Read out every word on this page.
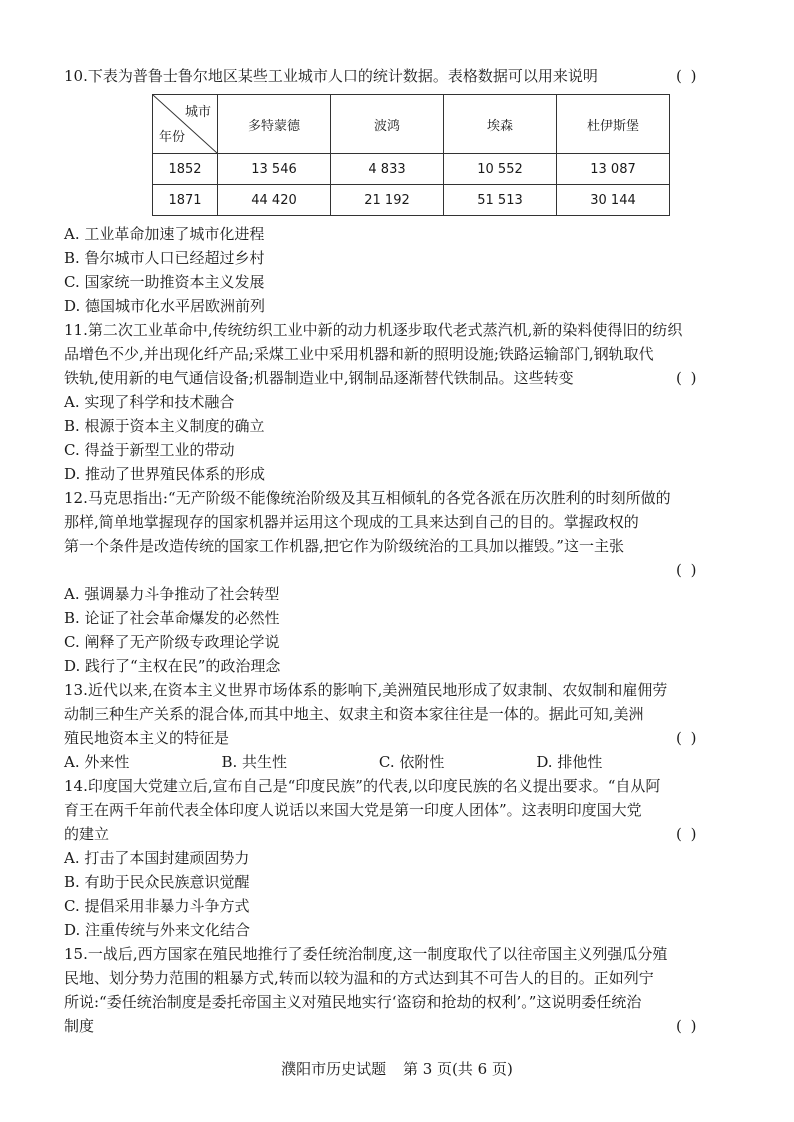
( )
10.下表为普鲁士鲁尔地区某些工业城市人口的统计数据。表格数据可以用来说明

城市
年份	多特蒙德	波鸿	埃森	杜伊斯堡
1852	13 546	4 833	10 552	13 087
1871	44 420	21 192	51 513	30 144

A. 工业革命加速了城市化进程

B. 鲁尔城市人口已经超过乡村

C. 国家统一助推资本主义发展

D. 德国城市化水平居欧洲前列

11.第二次工业革命中,传统纺织工业中新的动力机逐步取代老式蒸汽机,新的染料使得旧的纺织

品增色不少,并出现化纤产品;采煤工业中采用机器和新的照明设施;铁路运输部门,钢轨取代

( )
铁轨,使用新的电气通信设备;机器制造业中,钢制品逐渐替代铁制品。这些转变

A. 实现了科学和技术融合

B. 根源于资本主义制度的确立

C. 得益于新型工业的带动

D. 推动了世界殖民体系的形成

12.马克思指出:“无产阶级不能像统治阶级及其互相倾轧的各党各派在历次胜利的时刻所做的

那样,简单地掌握现存的国家机器并运用这个现成的工具来达到自己的目的。掌握政权的

第一个条件是改造传统的国家工作机器,把它作为阶级统治的工具加以摧毁。”这一主张

( )

A. 强调暴力斗争推动了社会转型

B. 论证了社会革命爆发的必然性

C. 阐释了无产阶级专政理论学说

D. 践行了“主权在民”的政治理念

13.近代以来,在资本主义世界市场体系的影响下,美洲殖民地形成了奴隶制、农奴制和雇佣劳

动制三种生产关系的混合体,而其中地主、奴隶主和资本家往往是一体的。据此可知,美洲

( )
殖民地资本主义的特征是

A. 外来性	B. 共生性	C. 依附性	D. 排他性

14.印度国大党建立后,宣布自己是“印度民族”的代表,以印度民族的名义提出要求。“自从阿

育王在两千年前代表全体印度人说话以来国大党是第一印度人团体”。这表明印度国大党

( )
的建立

A. 打击了本国封建顽固势力

B. 有助于民众民族意识觉醒

C. 提倡采用非暴力斗争方式

D. 注重传统与外来文化结合

15.一战后,西方国家在殖民地推行了委任统治制度,这一制度取代了以往帝国主义列强瓜分殖

民地、划分势力范围的粗暴方式,转而以较为温和的方式达到其不可告人的目的。正如列宁

所说:“委任统治制度是委托帝国主义对殖民地实行‘盗窃和抢劫的权利’。”这说明委任统治

( )
制度

濮阳市历史试题 第 3 页(共 6 页)
